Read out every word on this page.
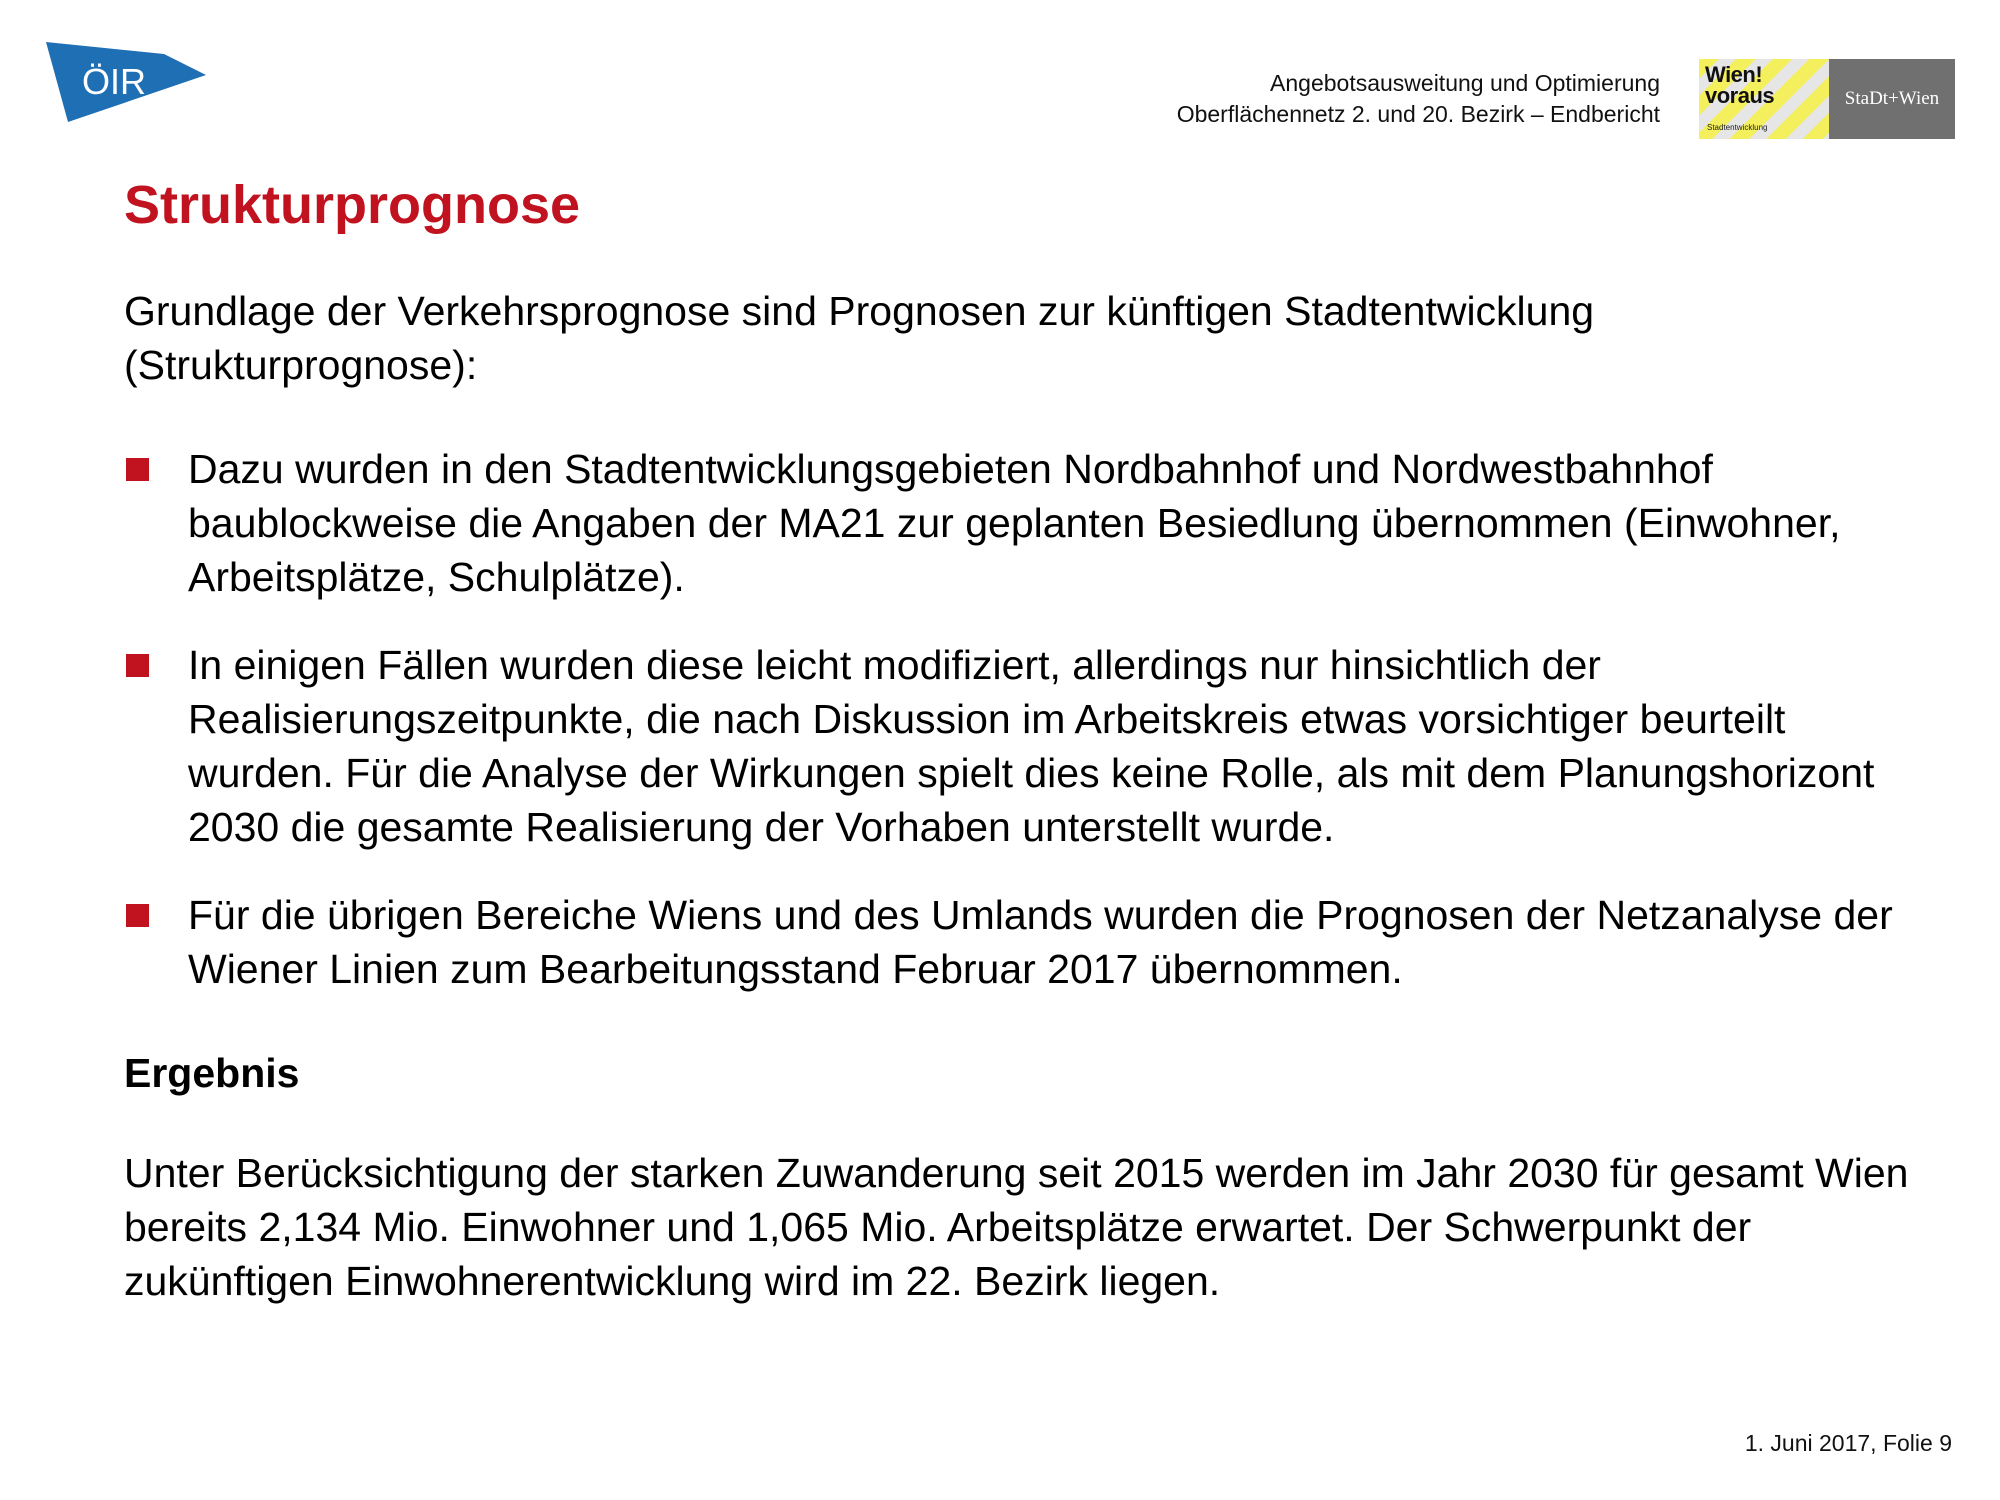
ÖIR	Angebotsausweitung und Optimierung
Oberflächennetz 2. und 20. Bezirk – Endbericht
Wien!
voraus
Stadtentwicklung
StaDt+Wien
Strukturprognose
Grundlage der Verkehrsprognose sind Prognosen zur künftigen Stadtentwicklung (Strukturprognose):
Dazu wurden in den Stadtentwicklungsgebieten Nordbahnhof und Nordwestbahnhof baublockweise die Angaben der MA21 zur geplanten Besiedlung übernommen (Einwohner, Arbeitsplätze, Schulplätze).
In einigen Fällen wurden diese leicht modifiziert, allerdings nur hinsichtlich der Realisierungszeitpunkte, die nach Diskussion im Arbeitskreis etwas vorsichtiger beurteilt wurden. Für die Analyse der Wirkungen spielt dies keine Rolle, als mit dem Planungshorizont 2030 die gesamte Realisierung der Vorhaben unterstellt wurde.
Für die übrigen Bereiche Wiens und des Umlands wurden die Prognosen der Netzanalyse der Wiener Linien zum Bearbeitungsstand Februar 2017 übernommen.
Ergebnis
Unter Berücksichtigung der starken Zuwanderung seit 2015 werden im Jahr 2030 für gesamt Wien bereits 2,134 Mio. Einwohner und 1,065 Mio. Arbeitsplätze erwartet. Der Schwerpunkt der zukünftigen Einwohnerentwicklung wird im 22. Bezirk liegen.
1. Juni 2017, Folie 9
